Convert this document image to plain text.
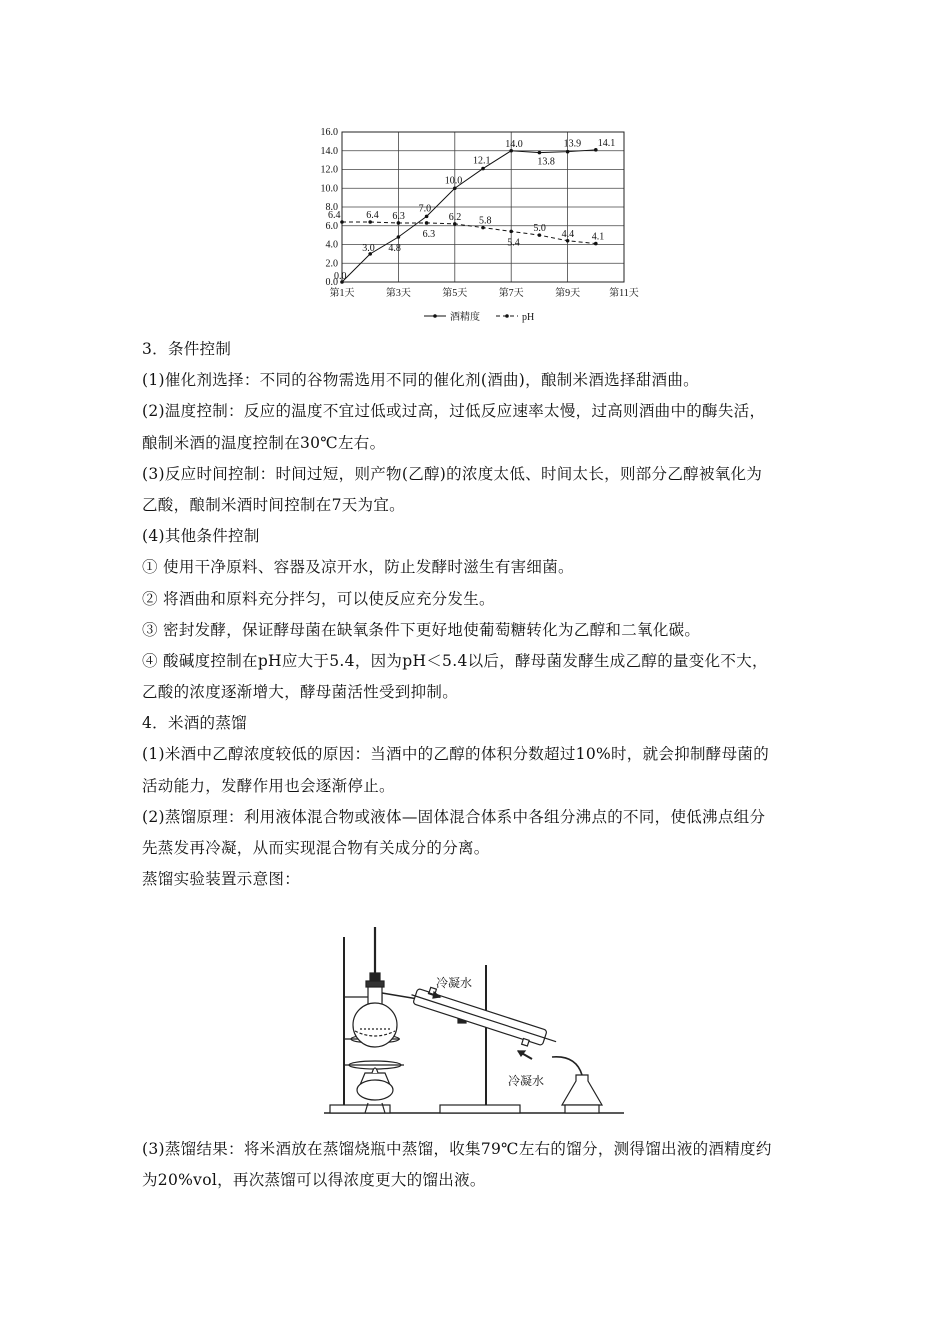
0.0
2.0
4.0
6.0
8.0
10.0
12.0
14.0
16.0
第1天	第3天	第5天	第7天	第9天	第11天
0.0
3.0 4.8
7.0
10.0
12.1
14.0
13.8
13.9 14.1
6.4	6.4 6.3
6.3
6.2 5.8
5.4
5.0
4.4 4.1
酒精度	pH
3．条件控制
(1)催化剂选择：不同的谷物需选用不同的催化剂(酒曲)，酿制米酒选择甜酒曲。
(2)温度控制：反应的温度不宜过低或过高，过低反应速率太慢，过高则酒曲中的酶失活，
酿制米酒的温度控制在30℃左右。
(3)反应时间控制：时间过短，则产物(乙醇)的浓度太低、时间太长，则部分乙醇被氧化为
乙酸，酿制米酒时间控制在7天为宜。
(4)其他条件控制
① 使用干净原料、容器及凉开水，防止发酵时滋生有害细菌。
② 将酒曲和原料充分拌匀，可以使反应充分发生。
③ 密封发酵，保证酵母菌在缺氧条件下更好地使葡萄糖转化为乙醇和二氧化碳。
④ 酸碱度控制在pH应大于5.4，因为pH＜5.4以后，酵母菌发酵生成乙醇的量变化不大，
乙酸的浓度逐渐增大，酵母菌活性受到抑制。
4．米酒的蒸馏
(1)米酒中乙醇浓度较低的原因：当酒中的乙醇的体积分数超过10%时，就会抑制酵母菌的
活动能力，发酵作用也会逐渐停止。
(2)蒸馏原理：利用液体混合物或液体—固体混合体系中各组分沸点的不同，使低沸点组分
先蒸发再冷凝，从而实现混合物有关成分的分离。
蒸馏实验装置示意图：
冷凝水
冷凝水
(3)蒸馏结果：将米酒放在蒸馏烧瓶中蒸馏，收集79℃左右的馏分，测得馏出液的酒精度约
为20%vol，再次蒸馏可以得浓度更大的馏出液。
